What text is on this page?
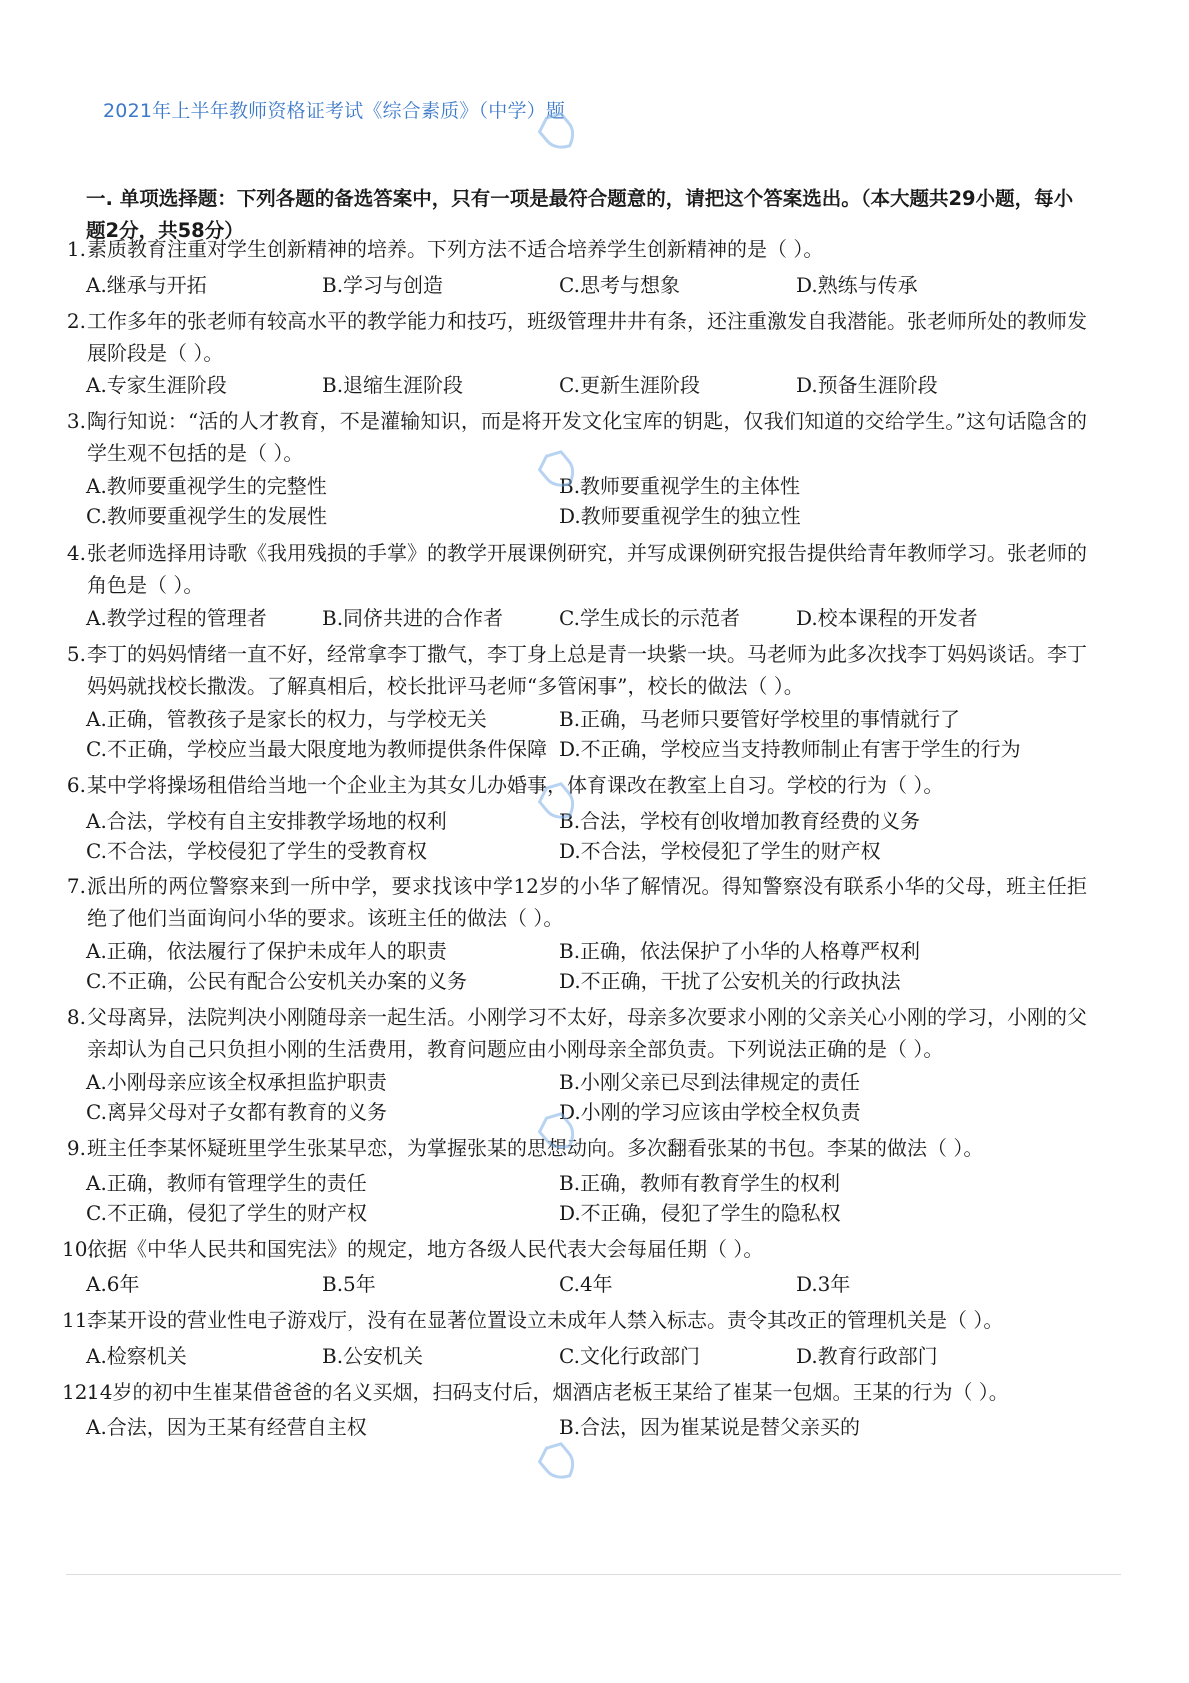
2021年上半年教师资格证考试《综合素质》（中学）题
一. 单项选择题：下列各题的备选答案中，只有一项是最符合题意的，请把这个答案选出。（本大题共29小题，每小题2分，共58分）
1. 素质教育注重对学生创新精神的培养。下列方法不适合培养学生创新精神的是（ ）。
A.继承与开拓	B.学习与创造	C.思考与想象	D.熟练与传承
2. 工作多年的张老师有较高水平的教学能力和技巧，班级管理井井有条，还注重激发自我潜能。张老师所处的教师发展阶段是（ ）。
A.专家生涯阶段	B.退缩生涯阶段	C.更新生涯阶段	D.预备生涯阶段
3. 陶行知说：“活的人才教育，不是灌输知识，而是将开发文化宝库的钥匙，仅我们知道的交给学生。”这句话隐含的学生观不包括的是（ ）。
A.教师要重视学生的完整性	B.教师要重视学生的主体性
C.教师要重视学生的发展性	D.教师要重视学生的独立性
4. 张老师选择用诗歌《我用残损的手掌》的教学开展课例研究，并写成课例研究报告提供给青年教师学习。张老师的角色是（ ）。
A.教学过程的管理者	B.同侪共进的合作者	C.学生成长的示范者	D.校本课程的开发者
5. 李丁的妈妈情绪一直不好，经常拿李丁撒气，李丁身上总是青一块紫一块。马老师为此多次找李丁妈妈谈话。李丁妈妈就找校长撒泼。了解真相后，校长批评马老师“多管闲事”，校长的做法（ ）。
A.正确，管教孩子是家长的权力，与学校无关	B.正确，马老师只要管好学校里的事情就行了
C.不正确，学校应当最大限度地为教师提供条件保障 D.不正确，学校应当支持教师制止有害于学生的行为
6. 某中学将操场租借给当地一个企业主为其女儿办婚事，体育课改在教室上自习。学校的行为（ ）。
A.合法，学校有自主安排教学场地的权利	B.合法，学校有创收增加教育经费的义务
C.不合法，学校侵犯了学生的受教育权	D.不合法，学校侵犯了学生的财产权
7. 派出所的两位警察来到一所中学，要求找该中学12岁的小华了解情况。得知警察没有联系小华的父母，班主任拒绝了他们当面询问小华的要求。该班主任的做法（ ）。
A.正确，依法履行了保护未成年人的职责	B.正确，依法保护了小华的人格尊严权利
C.不正确，公民有配合公安机关办案的义务	D.不正确，干扰了公安机关的行政执法
8. 父母离异，法院判决小刚随母亲一起生活。小刚学习不太好，母亲多次要求小刚的父亲关心小刚的学习，小刚的父亲却认为自己只负担小刚的生活费用，教育问题应由小刚母亲全部负责。下列说法正确的是（ ）。
A.小刚母亲应该全权承担监护职责	B.小刚父亲已尽到法律规定的责任
C.离异父母对子女都有教育的义务	D.小刚的学习应该由学校全权负责
9. 班主任李某怀疑班里学生张某早恋，为掌握张某的思想动向。多次翻看张某的书包。李某的做法（ ）。
A.正确，教师有管理学生的责任	B.正确，教师有教育学生的权利
C.不正确，侵犯了学生的财产权	D.不正确，侵犯了学生的隐私权
10.
依据《中华人民共和国宪法》的规定，地方各级人民代表大会每届任期（ ）。
A.6年	B.5年	C.4年	D.3年
11.
李某开设的营业性电子游戏厅，没有在显著位置设立未成年人禁入标志。责令其改正的管理机关是（ ）。
A.检察机关	B.公安机关	C.文化行政部门	D.教育行政部门
12.
14岁的初中生崔某借爸爸的名义买烟，扫码支付后，烟酒店老板王某给了崔某一包烟。王某的行为（ ）。
A.合法，因为王某有经营自主权	B.合法，因为崔某说是替父亲买的
